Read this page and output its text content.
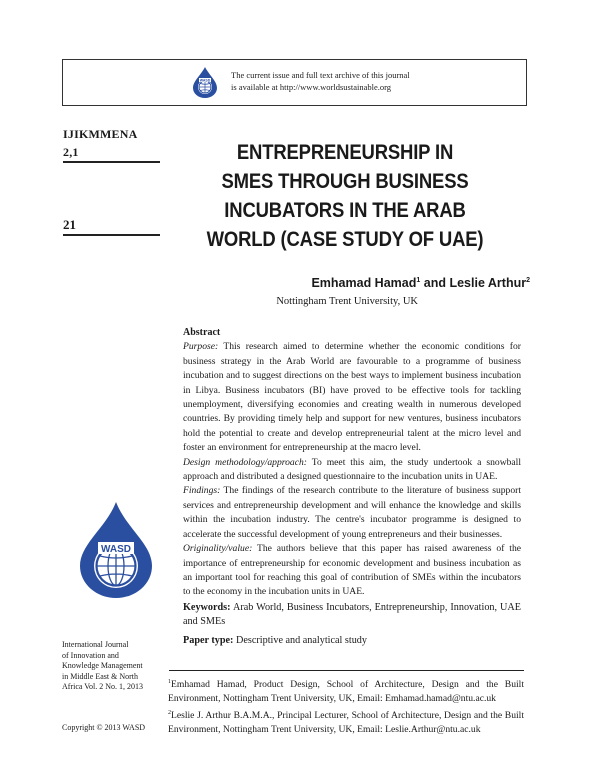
WASD
The current issue and full text archive of this journal
is available at http://www.worldsustainable.org
IJIKMMENA
2,1
21
ENTREPRENEURSHIP IN
SMES THROUGH BUSINESS
INCUBATORS IN THE ARAB
WORLD (CASE STUDY OF UAE)
Emhamad Hamad$^1$ and Leslie Arthur$^2$
Nottingham Trent University, UK

Abstract

Purpose: This research aimed to determine whether the economic conditions for business strategy in the Arab World are favourable to a programme of business incubation and to suggest directions on the best ways to implement business incubation in Libya. Business incubators (BI) have proved to be effective tools for tackling unemployment, diversifying economies and creating wealth in numerous developed countries. By providing timely help and support for new ventures, business incubators hold the potential to create and develop entrepreneurial talent at the micro level and foster an environment for entrepreneurship at the macro level.

Design methodology/approach: To meet this aim, the study undertook a snowball approach and distributed a designed questionnaire to the incubation units in UAE.

Findings: The findings of the research contribute to the literature of business support services and entrepreneurship development and will enhance the knowledge and skills within the incubation industry. The centre's incubator programme is designed to accelerate the successful development of young entrepreneurs and their businesses.

Originality/value: The authors believe that this paper has raised awareness of the importance of entrepreneurship for economic development and business incubation as an important tool for reaching this goal of contribution of SMEs within the incubators to the economy in the incubation units in UAE.

Keywords: Arab World, Business Incubators, Entrepreneurship, Innovation, UAE and SMEs

Paper type: Descriptive and analytical study

$^1$Emhamad Hamad, Product Design, School of Architecture, Design and the Built Environment, Nottingham Trent University, UK, Email: Emhamad.hamad@ntu.ac.uk

$^2$Leslie J. Arthur B.A.M.A., Principal Lecturer, School of Architecture, Design and the Built Environment, Nottingham Trent University, UK, Email: Leslie.Arthur@ntu.ac.uk

WASD
International Journal
of Innovation and
Knowledge Management
in Middle East & North
Africa Vol. 2 No. 1, 2013
Copyright © 2013 WASD
